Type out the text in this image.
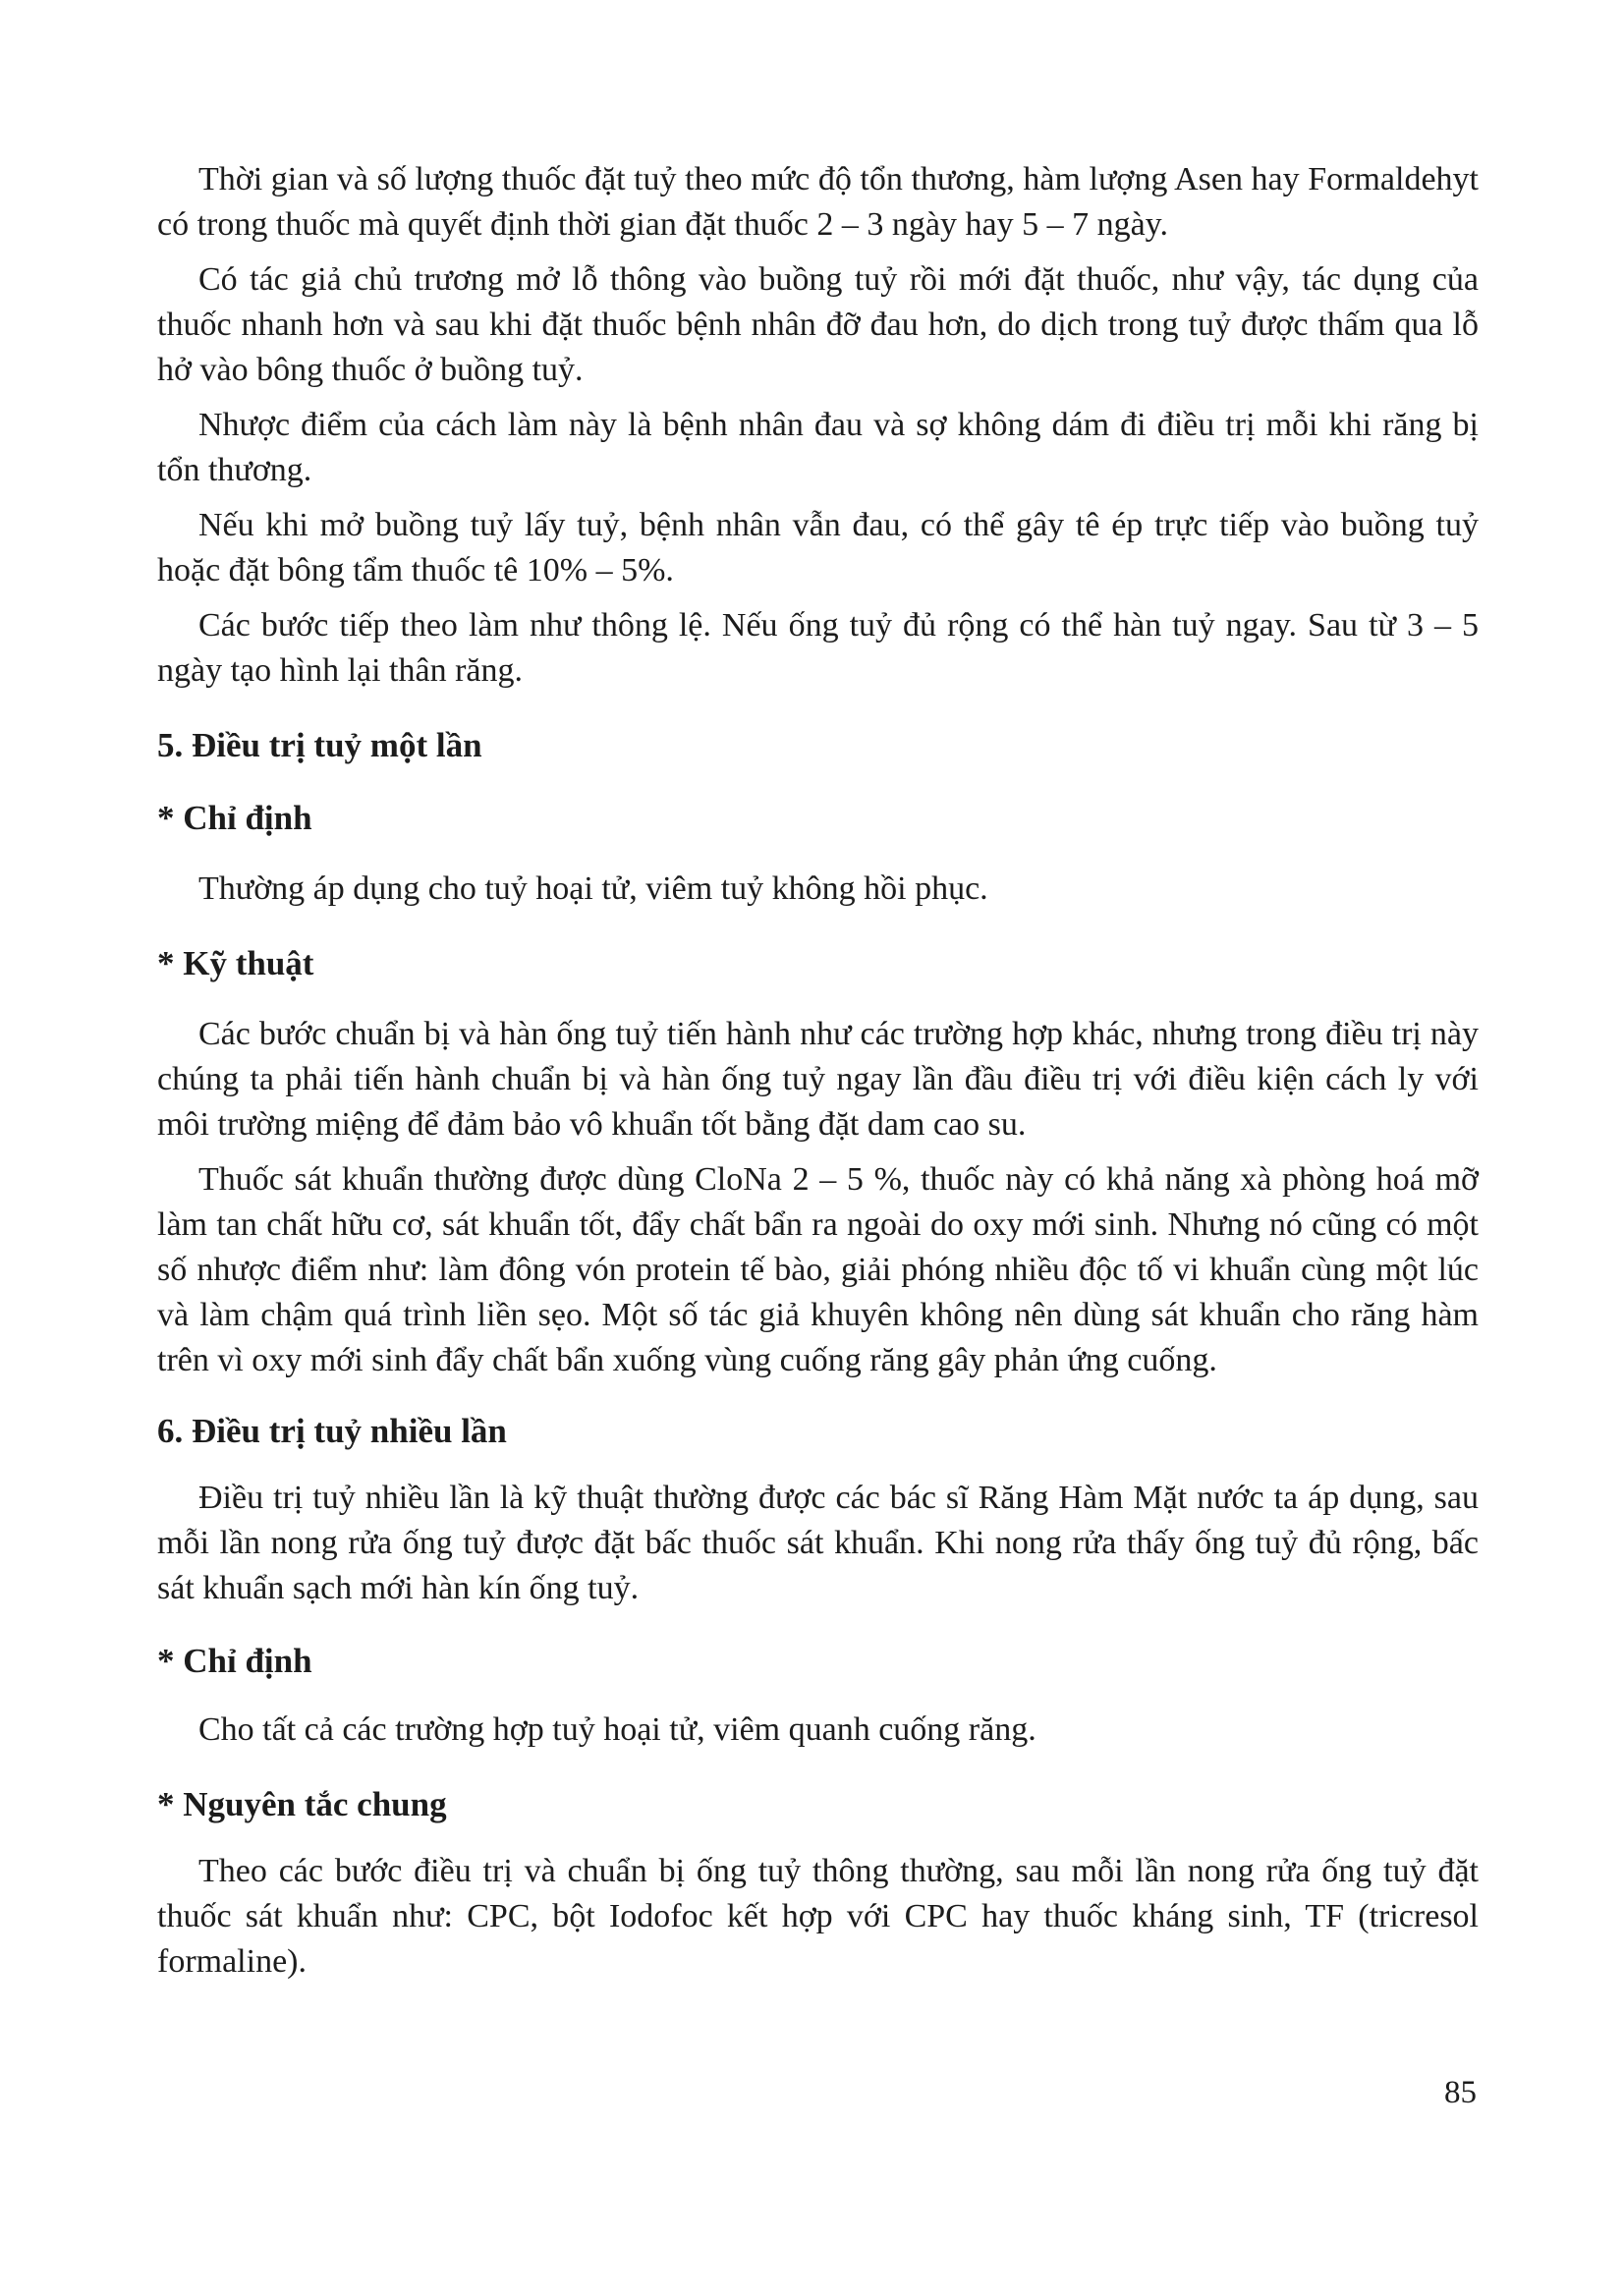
Thời gian và số lượng thuốc đặt tuỷ theo mức độ tổn thương, hàm lượng Asen hay Formaldehyt có trong thuốc mà quyết định thời gian đặt thuốc 2 – 3 ngày hay 5 – 7 ngày.

Có tác giả chủ trương mở lỗ thông vào buồng tuỷ rồi mới đặt thuốc, như vậy, tác dụng của thuốc nhanh hơn và sau khi đặt thuốc bệnh nhân đỡ đau hơn, do dịch trong tuỷ được thấm qua lỗ hở vào bông thuốc ở buồng tuỷ.

Nhược điểm của cách làm này là bệnh nhân đau và sợ không dám đi điều trị mỗi khi răng bị tổn thương.

Nếu khi mở buồng tuỷ lấy tuỷ, bệnh nhân vẫn đau, có thể gây tê ép trực tiếp vào buồng tuỷ hoặc đặt bông tẩm thuốc tê 10% – 5%.

Các bước tiếp theo làm như thông lệ. Nếu ống tuỷ đủ rộng có thể hàn tuỷ ngay. Sau từ 3 – 5 ngày tạo hình lại thân răng.

5. Điều trị tuỷ một lần
* Chỉ định

Thường áp dụng cho tuỷ hoại tử, viêm tuỷ không hồi phục.

* Kỹ thuật

Các bước chuẩn bị và hàn ống tuỷ tiến hành như các trường hợp khác, nhưng trong điều trị này chúng ta phải tiến hành chuẩn bị và hàn ống tuỷ ngay lần đầu điều trị với điều kiện cách ly với môi trường miệng để đảm bảo vô khuẩn tốt bằng đặt dam cao su.

Thuốc sát khuẩn thường được dùng CloNa 2 – 5 %, thuốc này có khả năng xà phòng hoá mỡ làm tan chất hữu cơ, sát khuẩn tốt, đẩy chất bẩn ra ngoài do oxy mới sinh. Nhưng nó cũng có một số nhược điểm như: làm đông vón protein tế bào, giải phóng nhiều độc tố vi khuẩn cùng một lúc và làm chậm quá trình liền sẹo. Một số tác giả khuyên không nên dùng sát khuẩn cho răng hàm trên vì oxy mới sinh đẩy chất bẩn xuống vùng cuống răng gây phản ứng cuống.

6. Điều trị tuỷ nhiều lần

Điều trị tuỷ nhiều lần là kỹ thuật thường được các bác sĩ Răng Hàm Mặt nước ta áp dụng, sau mỗi lần nong rửa ống tuỷ được đặt bấc thuốc sát khuẩn. Khi nong rửa thấy ống tuỷ đủ rộng, bấc sát khuẩn sạch mới hàn kín ống tuỷ.

* Chỉ định

Cho tất cả các trường hợp tuỷ hoại tử, viêm quanh cuống răng.

* Nguyên tắc chung

Theo các bước điều trị và chuẩn bị ống tuỷ thông thường, sau mỗi lần nong rửa ống tuỷ đặt thuốc sát khuẩn như: CPC, bột Iodofoc kết hợp với CPC hay thuốc kháng sinh, TF (tricresol formaline).

85
